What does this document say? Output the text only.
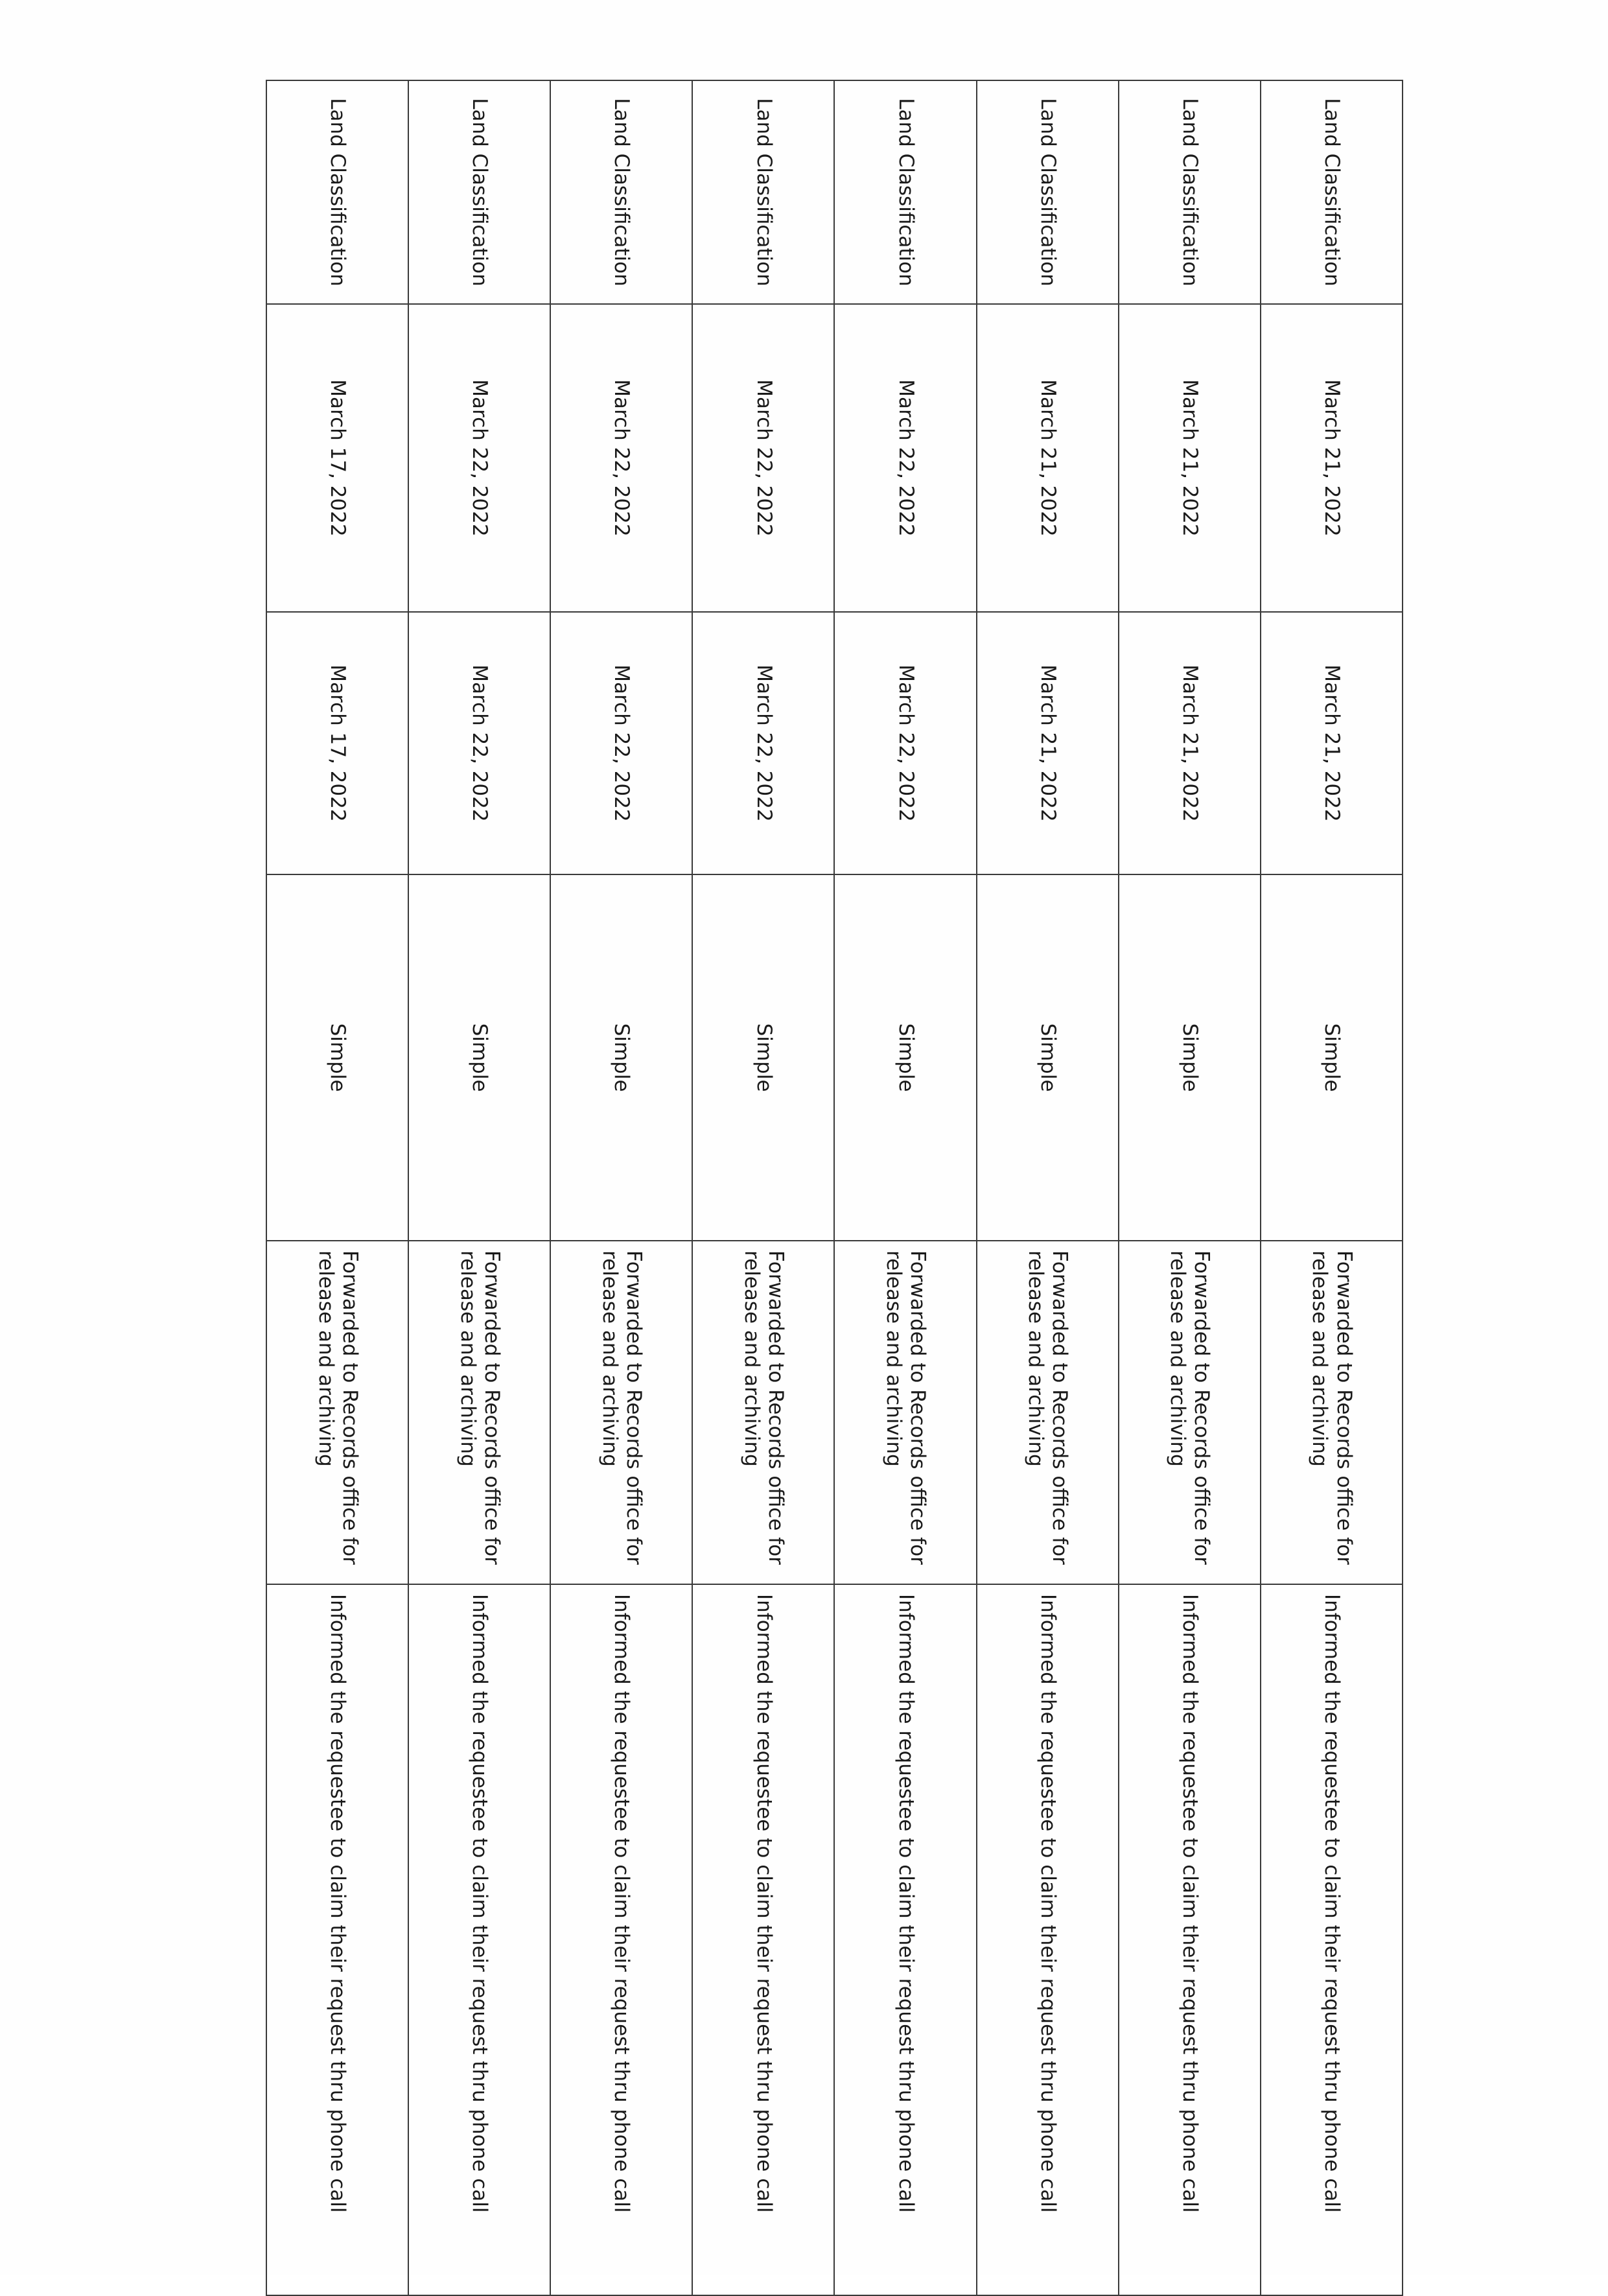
Land Classification	March 21, 2022	March 21, 2022	Simple	Forwarded to Records office for release and archiving	Informed the requestee to claim their request thru phone call

Land Classification	March 21, 2022	March 21, 2022	Simple	Forwarded to Records office for release and archiving	Informed the requestee to claim their request thru phone call

Land Classification	March 21, 2022	March 21, 2022	Simple	Forwarded to Records office for release and archiving	Informed the requestee to claim their request thru phone call

Land Classification	March 22, 2022	March 22, 2022	Simple	Forwarded to Records office for release and archiving	Informed the requestee to claim their request thru phone call

Land Classification	March 22, 2022	March 22, 2022	Simple	Forwarded to Records office for release and archiving	Informed the requestee to claim their request thru phone call

Land Classification	March 22, 2022	March 22, 2022	Simple	Forwarded to Records office for release and archiving	Informed the requestee to claim their request thru phone call

Land Classification	March 22, 2022	March 22, 2022	Simple	Forwarded to Records office for release and archiving	Informed the requestee to claim their request thru phone call

Land Classification	March 17, 2022	March 17, 2022	Simple	Forwarded to Records office for release and archiving	Informed the requestee to claim their request thru phone call
